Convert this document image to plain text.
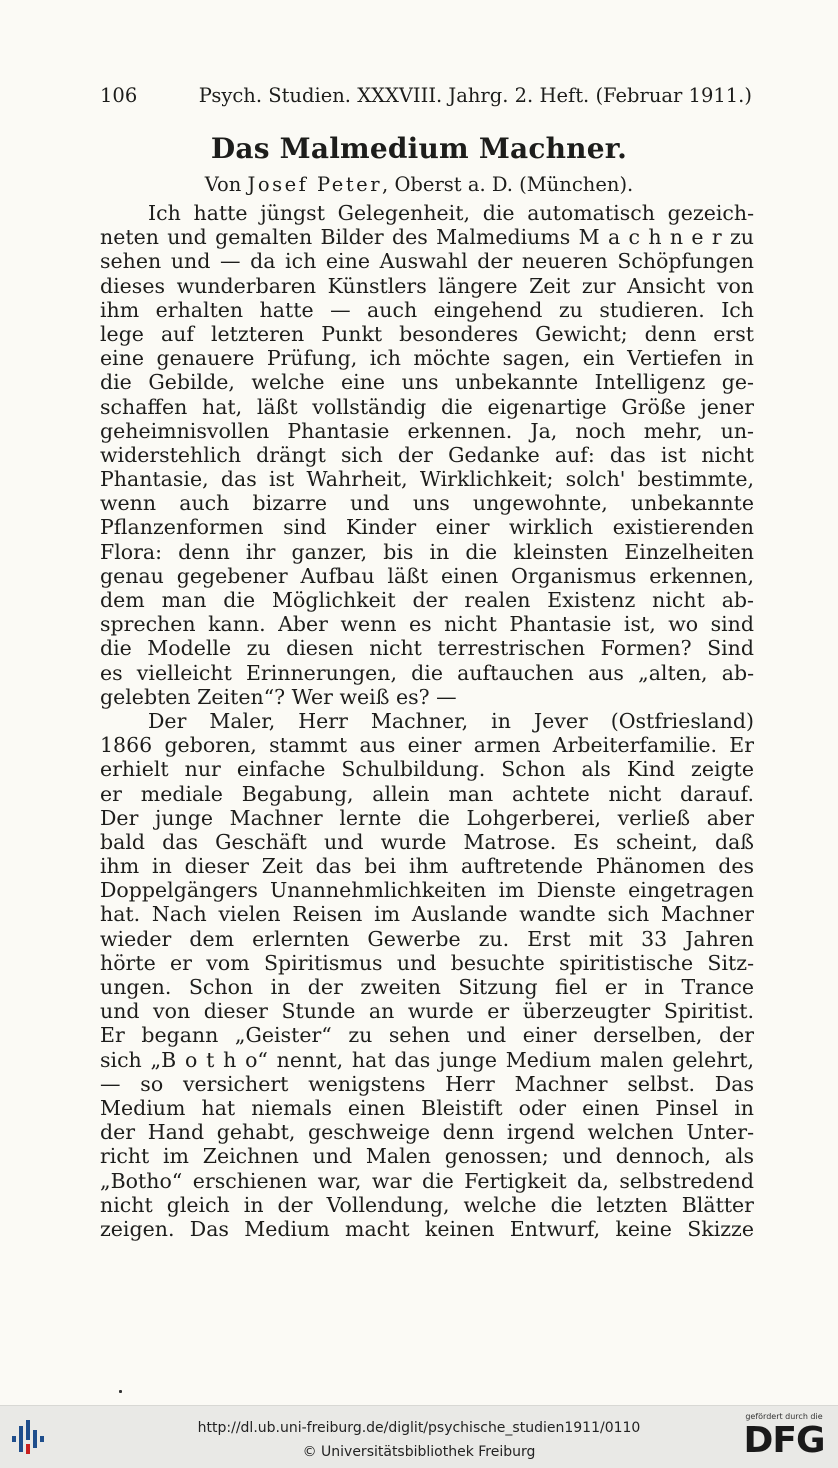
106	Psych. Studien. XXXVIII. Jahrg. 2. Heft. (Februar 1911.)
Das Malmedium Machner.
Von Josef Peter, Oberst a. D. (München).
Ich hatte jüngst Gelegenheit, die automatisch gezeich-
neten und gemalten Bilder des Malmediums M a c h n e r zu
sehen und — da ich eine Auswahl der neueren Schöpfungen
dieses wunderbaren Künstlers längere Zeit zur Ansicht von
ihm erhalten hatte — auch eingehend zu studieren. Ich
lege auf letzteren Punkt besonderes Gewicht; denn erst
eine genauere Prüfung, ich möchte sagen, ein Vertiefen in
die Gebilde, welche eine uns unbekannte Intelligenz ge-
schaffen hat, läßt vollständig die eigenartige Größe jener
geheimnisvollen Phantasie erkennen. Ja, noch mehr, un-
widerstehlich drängt sich der Gedanke auf: das ist nicht
Phantasie, das ist Wahrheit, Wirklichkeit; solch' bestimmte,
wenn auch bizarre und uns ungewohnte, unbekannte
Pflanzenformen sind Kinder einer wirklich existierenden
Flora: denn ihr ganzer, bis in die kleinsten Einzelheiten
genau gegebener Aufbau läßt einen Organismus erkennen,
dem man die Möglichkeit der realen Existenz nicht ab-
sprechen kann. Aber wenn es nicht Phantasie ist, wo sind
die Modelle zu diesen nicht terrestrischen Formen? Sind
es vielleicht Erinnerungen, die auftauchen aus „alten, ab-
gelebten Zeiten“? Wer weiß es? —
Der Maler, Herr Machner, in Jever (Ostfriesland)
1866 geboren, stammt aus einer armen Arbeiterfamilie. Er
erhielt nur einfache Schulbildung. Schon als Kind zeigte
er mediale Begabung, allein man achtete nicht darauf.
Der junge Machner lernte die Lohgerberei, verließ aber
bald das Geschäft und wurde Matrose. Es scheint, daß
ihm in dieser Zeit das bei ihm auftretende Phänomen des
Doppelgängers Unannehmlichkeiten im Dienste eingetragen
hat. Nach vielen Reisen im Auslande wandte sich Machner
wieder dem erlernten Gewerbe zu. Erst mit 33 Jahren
hörte er vom Spiritismus und besuchte spiritistische Sitz-
ungen. Schon in der zweiten Sitzung fiel er in Trance
und von dieser Stunde an wurde er überzeugter Spiritist.
Er begann „Geister“ zu sehen und einer derselben, der
sich „B o t h o“ nennt, hat das junge Medium malen gelehrt,
— so versichert wenigstens Herr Machner selbst. Das
Medium hat niemals einen Bleistift oder einen Pinsel in
der Hand gehabt, geschweige denn irgend welchen Unter-
richt im Zeichnen und Malen genossen; und dennoch, als
„Botho“ erschienen war, war die Fertigkeit da, selbstredend
nicht gleich in der Vollendung, welche die letzten Blätter
zeigen. Das Medium macht keinen Entwurf, keine Skizze
http://dl.ub.uni-freiburg.de/diglit/psychische_studien1911/0110
© Universitätsbibliothek Freiburg
gefördert durch die
DFG
